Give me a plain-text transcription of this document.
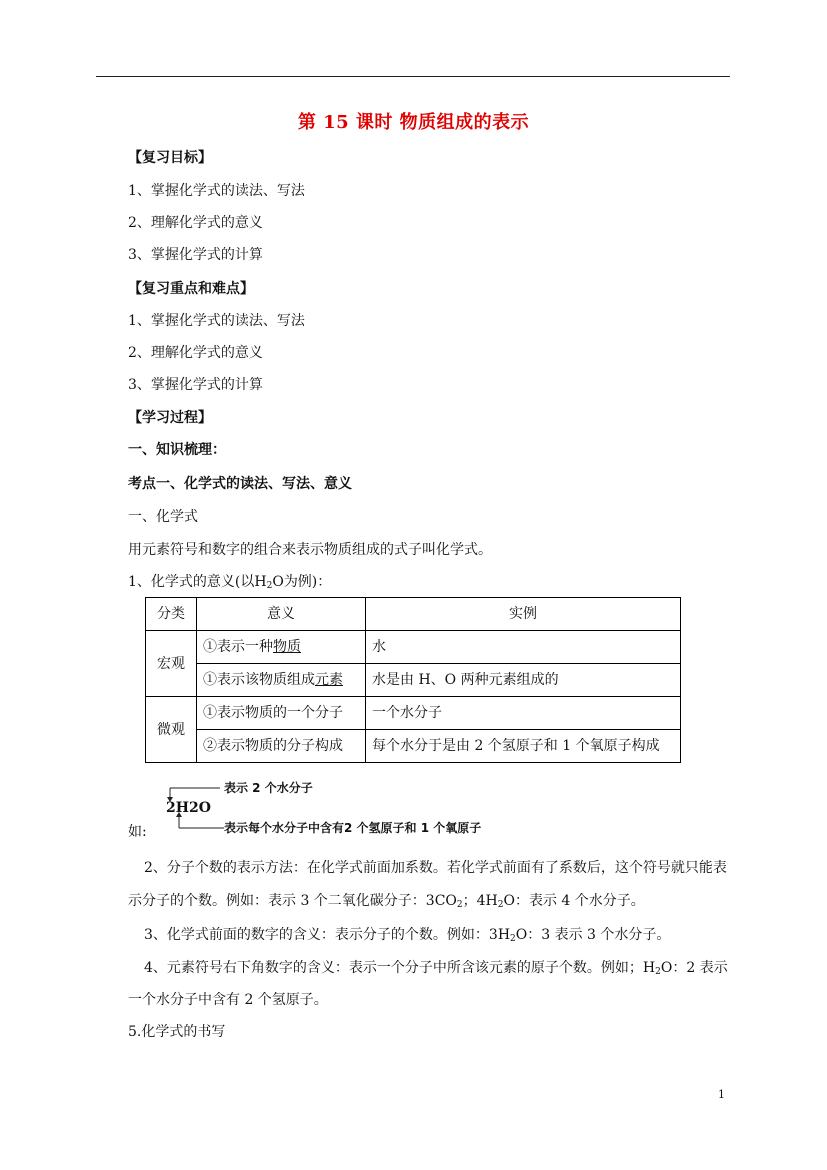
第 15 课时 物质组成的表示
【复习目标】
1、掌握化学式的读法、写法
2、理解化学式的意义
3、掌握化学式的计算
【复习重点和难点】
1、掌握化学式的读法、写法
2、理解化学式的意义
3、掌握化学式的计算
【学习过程】
一、知识梳理：
考点一、化学式的读法、写法、意义
一、化学式
用元素符号和数字的组合来表示物质组成的式子叫化学式。
1、化学式的意义(以$H_2O$为例)：
分类	意义	实例
宏观	①表示一种物质	水
	①表示该物质组成元素	水是由 H、O 两种元素组成的
微观	①表示物质的一个分子	一个水分子
	②表示物质的分子构成	每个水分于是由 2 个氢原子和 1 个氧原子构成
如:
2H2O
表示 2 个水分子
表示每个水分子中含有2 个氢原子和 1 个氧原子
2、分子个数的表示方法：在化学式前面加系数。若化学式前面有了系数后，这个符号就只能表
示分子的个数。例如：表示 3 个二氧化碳分子：$3CO_2$；$4H_2O$：表示 4 个水分子。
3、化学式前面的数字的含义：表示分子的个数。例如：$3H_2O$：3 表示 3 个水分子。
4、元素符号右下角数字的含义：表示一个分子中所含该元素的原子个数。例如；$H_2O$：2 表示
一个水分子中含有 2 个氢原子。
5.化学式的书写
1
